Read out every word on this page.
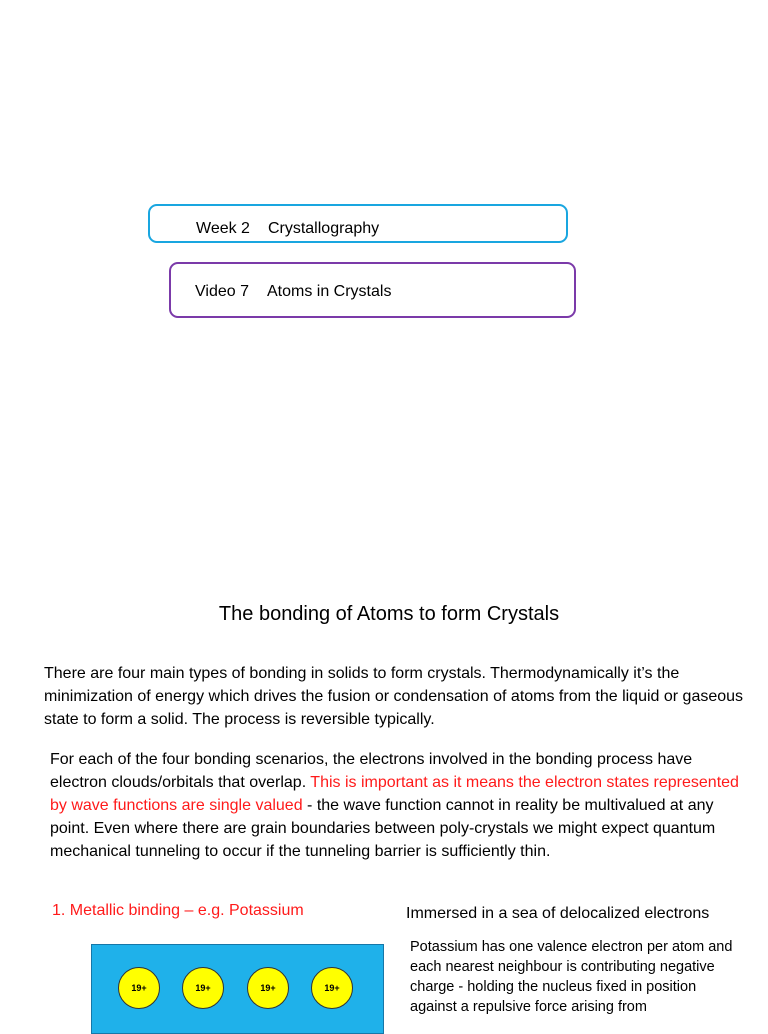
Week 2 Crystallography
Video 7 Atoms in Crystals
The bonding of Atoms to form Crystals

There are four main types of bonding in solids to form crystals. Thermodynamically it’s the minimization of energy which drives the fusion or condensation of atoms from the liquid or gaseous state to form a solid. The process is reversible typically.

For each of the four bonding scenarios, the electrons involved in the bonding process have electron clouds/orbitals that overlap. This is important as it means the electron states represented by wave functions are single valued - the wave function cannot in reality be multivalued at any point. Even where there are grain boundaries between poly-crystals we might expect quantum mechanical tunneling to occur if the tunneling barrier is sufficiently thin.

1. Metallic binding – e.g. Potassium	Immersed in a sea of delocalized electrons

Potassium has one valence electron per atom and each nearest neighbour is contributing negative charge - holding the nucleus fixed in position against a repulsive force arising from

19+	19+	19+	19+
